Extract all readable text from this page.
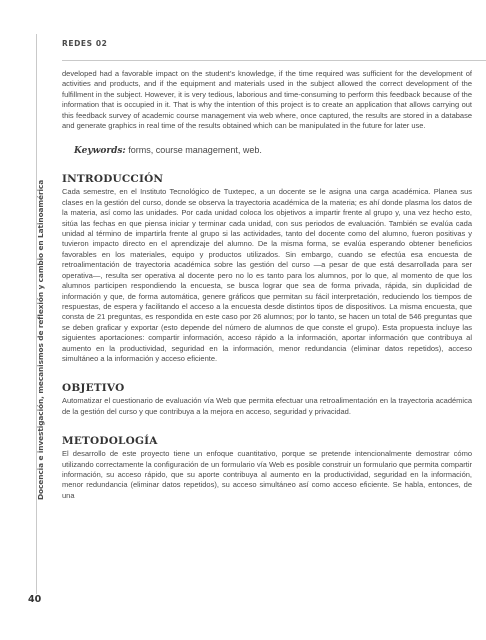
REDES 02
Docencia e investigación, mecanismos de reflexión y cambio en Latinoamérica

developed had a favorable impact on the student’s knowledge, if the time required was sufficient for the development of activities and products, and if the equipment and materials used in the subject allowed the correct development of the fulfillment in the subject. However, it is very tedious, laborious and time-consuming to perform this feedback because of the information that is occupied in it. That is why the intention of this project is to create an application that allows carrying out this feedback survey of academic course management via web where, once captured, the results are stored in a database and generate graphics in real time of the results obtained which can be manipulated in the future for later use.

Keywords: forms, course management, web.
INTRODUCCIÓN

Cada semestre, en el Instituto Tecnológico de Tuxtepec, a un docente se le asigna una carga académica. Planea sus clases en la gestión del curso, donde se observa la trayectoria académica de la materia; es ahí donde plasma los datos de la materia, así como las unidades. Por cada unidad coloca los objetivos a impartir frente al grupo y, una vez hecho esto, sitúa las fechas en que piensa iniciar y terminar cada unidad, con sus periodos de evaluación. También se evalúa cada unidad al término de impartirla frente al grupo si las actividades, tanto del docente como del alumno, fueron positivas y tuvieron impacto directo en el aprendizaje del alumno. De la misma forma, se evalúa esperando obtener beneficios favorables en los materiales, equipo y productos utilizados. Sin embargo, cuando se efectúa esa encuesta de retroalimentación de trayectoria académica sobre las gestión del curso —a pesar de que está desarrollada para ser operativa—, resulta ser operativa al docente pero no lo es tanto para los alumnos, por lo que, al momento de que los alumnos participen respondiendo la encuesta, se busca lograr que sea de forma privada, rápida, sin duplicidad de información y que, de forma automática, genere gráficos que permitan su fácil interpretación, reduciendo los tiempos de respuestas, de espera y facilitando el acceso a la encuesta desde distintos tipos de dispositivos. La misma encuesta, que consta de 21 preguntas, es respondida en este caso por 26 alumnos; por lo tanto, se hacen un total de 546 preguntas que se deben graficar y exportar (esto depende del número de alumnos de que conste el grupo). Esta propuesta incluye las siguientes aportaciones: compartir información, acceso rápido a la información, aportar información que contribuya al aumento en la productividad, seguridad en la información, menor redundancia (eliminar datos repetidos), acceso simultáneo a la información y acceso eficiente.

OBJETIVO

Automatizar el cuestionario de evaluación vía Web que permita efectuar una retroalimentación en la trayectoria académica de la gestión del curso y que contribuya a la mejora en acceso, seguridad y privacidad.

METODOLOGÍA

El desarrollo de este proyecto tiene un enfoque cuantitativo, porque se pretende intencionalmente demostrar cómo utilizando correctamente la configuración de un formulario vía Web es posible construir un formulario que permita compartir información, su acceso rápido, que su aporte contribuya al aumento en la productividad, seguridad en la información, menor redundancia (eliminar datos repetidos), su acceso simultáneo así como acceso eficiente. Se habla, entonces, de una

40
